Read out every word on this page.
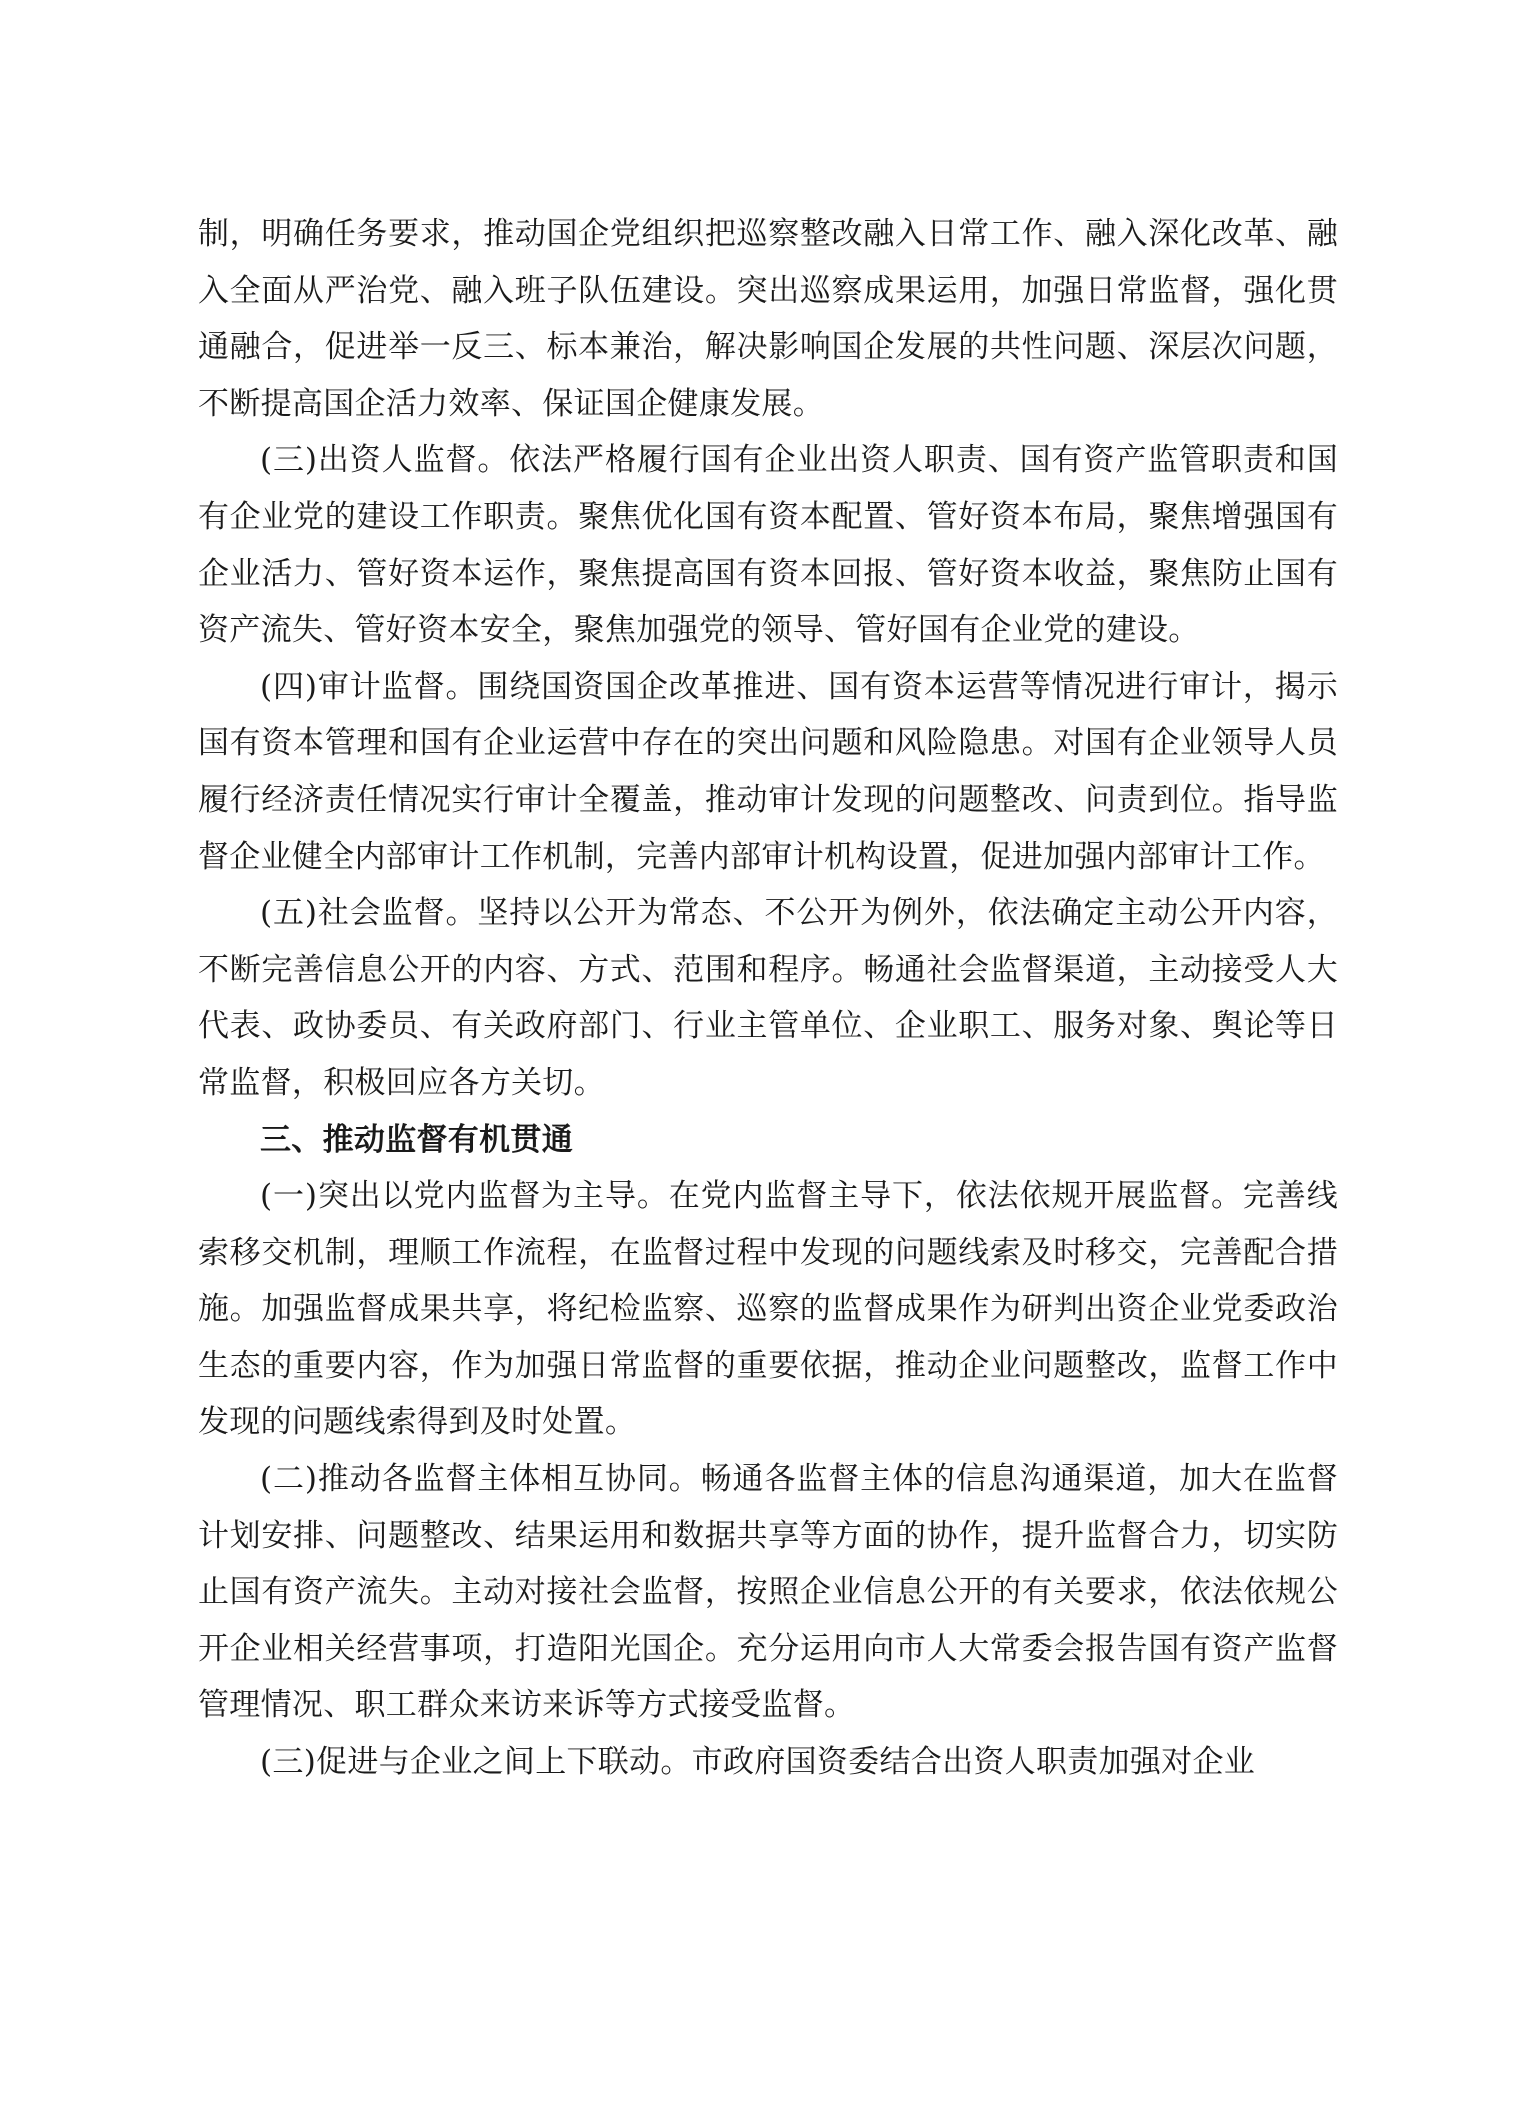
制，明确任务要求，推动国企党组织把巡察整改融入日常工作、融入深化改革、融入全面从严治党、融入班子队伍建设。突出巡察成果运用，加强日常监督，强化贯通融合，促进举一反三、标本兼治，解决影响国企发展的共性问题、深层次问题，不断提高国企活力效率、保证国企健康发展。

(三)出资人监督。依法严格履行国有企业出资人职责、国有资产监管职责和国有企业党的建设工作职责。聚焦优化国有资本配置、管好资本布局，聚焦增强国有企业活力、管好资本运作，聚焦提高国有资本回报、管好资本收益，聚焦防止国有资产流失、管好资本安全，聚焦加强党的领导、管好国有企业党的建设。

(四)审计监督。围绕国资国企改革推进、国有资本运营等情况进行审计，揭示国有资本管理和国有企业运营中存在的突出问题和风险隐患。对国有企业领导人员履行经济责任情况实行审计全覆盖，推动审计发现的问题整改、问责到位。指导监督企业健全内部审计工作机制，完善内部审计机构设置，促进加强内部审计工作。

(五)社会监督。坚持以公开为常态、不公开为例外，依法确定主动公开内容，不断完善信息公开的内容、方式、范围和程序。畅通社会监督渠道，主动接受人大代表、政协委员、有关政府部门、行业主管单位、企业职工、服务对象、舆论等日常监督，积极回应各方关切。

三、推动监督有机贯通

(一)突出以党内监督为主导。在党内监督主导下，依法依规开展监督。完善线索移交机制，理顺工作流程，在监督过程中发现的问题线索及时移交，完善配合措施。加强监督成果共享，将纪检监察、巡察的监督成果作为研判出资企业党委政治生态的重要内容，作为加强日常监督的重要依据，推动企业问题整改，监督工作中发现的问题线索得到及时处置。

(二)推动各监督主体相互协同。畅通各监督主体的信息沟通渠道，加大在监督计划安排、问题整改、结果运用和数据共享等方面的协作，提升监督合力，切实防止国有资产流失。主动对接社会监督，按照企业信息公开的有关要求，依法依规公开企业相关经营事项，打造阳光国企。充分运用向市人大常委会报告国有资产监督管理情况、职工群众来访来诉等方式接受监督。

(三)促进与企业之间上下联动。市政府国资委结合出资人职责加强对企业
